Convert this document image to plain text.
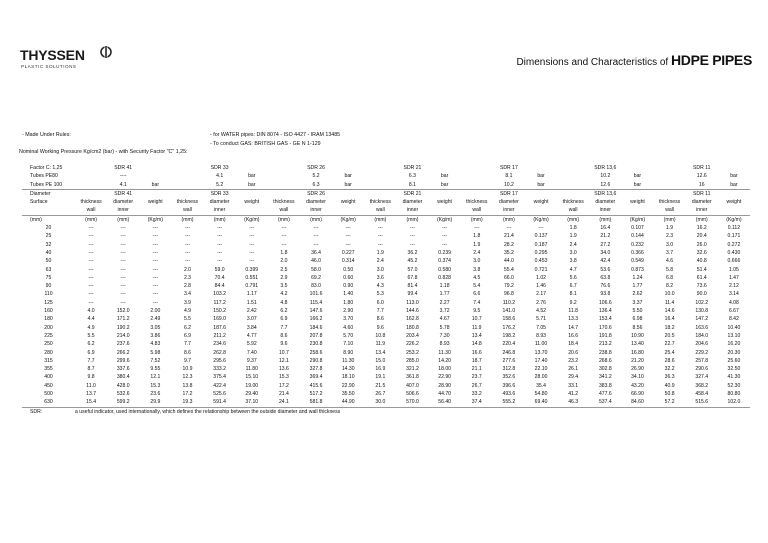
THYSSEN
PLASTIC SOLUTIONS	Dimensions and Characteristics of HDPE PIPES
- Made Under Rules:	- for WATER pipes: DIN 8074 - ISO 4427 - IRAM 13485
- To conduct GAS: BRITISH GAS - GE N 1-129
Nominal Working Pressure Kg/cm2 (bar) - with Security Factor "C" 1,25:
Factor C: 1,25		SDR 41			SDR 33			SDR 26			SDR 21			SDR 17			SDR 13,6			SDR 11	
Tubes PE80		----			4.1	bar		5.2	bar		6.3	bar		8.1	bar		10.2	bar		12.6	bar
Tubes PE 100		4.1	bar		5.2	bar		6.3	bar		8.1	bar		10.2	bar		12.6	bar		16	bar
Diameter		SDR 41			SDR 33			SDR 26			SDR 21			SDR 17			SDR 13,6			SDR 11	
Surface	thickness	diameter	weight	thickness	diameter	weight	thickness	diameter	weight	thickness	diameter	weight	thickness	diameter	weight	thickness	diameter	weight	thickness	diameter	weight
	wall	inner		wall	inner		wall	inner		wall	inner		wall	inner		wall	inner		wall	inner	
(mm)	(mm)	(mm)	(Kg/m)	(mm)	(mm)	(Kg/m)	(mm)	(mm)	(Kg/m)	(mm)	(mm)	(Kg/m)	(mm)	(mm)	(Kg/m)	(mm)	(mm)	(Kg/m)	(mm)	(mm)	(Kg/m)
20	---	---	---	---	---	---	---	---	---	---	---	---	---	---	---	1.8	16.4	0.107	1.9	16.2	0.112
25	---	---	---	---	---	---	---	---	---	---	---	---	1.8	21.4	0.137	1.9	21.2	0.144	2.3	20.4	0.171
32	---	---	---	---	---	---	---	---	---	---	---	---	1.9	28.2	0.187	2.4	27.2	0.232	3.0	26.0	0.272
40	---	---	---	---	---	---	1.8	36.4	0.227	1.9	36.2	0.239	2.4	35.2	0.295	3.0	34.0	0.366	3.7	32.6	0.430
50	---	---	---	---	---	---	2.0	46.0	0.314	2.4	45.2	0.374	3.0	44.0	0.453	3.8	42.4	0.549	4.6	40.8	0.666
63	---	---	---	2.0	59.0	0.399	2.5	58.0	0.50	3.0	57.0	0.580	3.8	55.4	0.721	4.7	53.6	0.873	5.8	51.4	1.05
75	---	---	---	2.3	70.4	0.551	2.9	69.2	0.60	3.6	67.8	0.828	4.5	66.0	1.02	5.6	63.8	1.24	6.8	61.4	1.47
90	---	---	---	2.8	84.4	0.791	3.5	83.0	0.90	4.3	81.4	1.18	5.4	79.2	1.46	6.7	76.6	1.77	8.2	73.6	2.12
110	---	---	---	3.4	103.2	1.17	4.2	101.6	1.40	5.3	99.4	1.77	6.6	96.8	2.17	8.1	93.8	2.62	10.0	90.0	3.14
125	---	---	---	3.9	117.2	1.51	4.8	115.4	1.80	6.0	113.0	2.27	7.4	110.2	2.76	9.2	106.6	3.37	11.4	102.2	4.08
160	4.0	152.0	2.00	4.9	150.2	2.42	6.2	147.6	2.90	7.7	144.6	3.72	9.5	141.0	4.52	11.8	136.4	5.50	14.6	130.8	6.67
180	4.4	171.2	2.49	5.5	169.0	3.07	6.9	166.2	3.70	8.6	162.8	4.67	10.7	158.6	5.71	13.3	153.4	6.98	16.4	147.2	8.42
200	4.9	190.2	3.05	6.2	187.6	3.84	7.7	184.6	4.60	9.6	180.8	5.78	11.9	176.2	7.05	14.7	170.6	8.56	18.2	163.6	10.40
225	5.5	214.0	3.86	6.9	211.2	4.77	8.6	207.8	5.70	10.8	203.4	7.30	13.4	198.2	8.93	16.6	191.8	10.90	20.5	184.0	13.10
250	6.2	237.6	4.83	7.7	234.6	5.92	9.6	230.8	7.10	11.9	226.2	8.93	14.8	220.4	11.00	18.4	213.2	13.40	22.7	204.6	16.20
280	6.9	266.2	5.98	8.6	262.8	7.40	10.7	258.6	8.90	13.4	253.2	11.30	16.6	246.8	13.70	20.6	238.8	16.80	25.4	229.2	20.30
315	7.7	299.6	7.52	9.7	295.6	9.37	12.1	290.8	11.30	15.0	285.0	14.20	18.7	277.6	17.40	23.2	268.6	21.20	28.6	257.8	25.60
355	8.7	337.6	9.55	10.9	333.2	11.80	13.6	327.8	14.30	16.9	321.2	18.00	21.1	312.8	22.10	26.1	302.8	26.90	32.2	290.6	32.50
400	9.8	380.4	12.1	12.3	375.4	15.10	15.3	369.4	18.10	19.1	361.8	22.90	23.7	352.6	28.00	29.4	341.2	34.10	36.3	327.4	41.30
450	11.0	428.0	15.3	13.8	422.4	19.00	17.2	415.6	22.90	21.5	407.0	28.90	26.7	396.6	35.4	33.1	383.8	43.20	40.9	368.2	52.30
500	13.7	532.6	23.6	17.2	525.6	29.40	21.4	517.2	35.50	26.7	506.6	44.70	33.2	493.6	54.80	41.2	477.6	66.90	50.8	458.4	80.80
630	15.4	599.2	29.9	19.3	591.4	37.10	24.1	581.8	44.90	30.0	570.0	56.40	37.4	555.2	69.40	46.3	537.4	84.60	57.2	515.6	102.0
SDR:	a useful indicator, used internationally, which defines the relationship between the outside diameter and wall thickness																				
